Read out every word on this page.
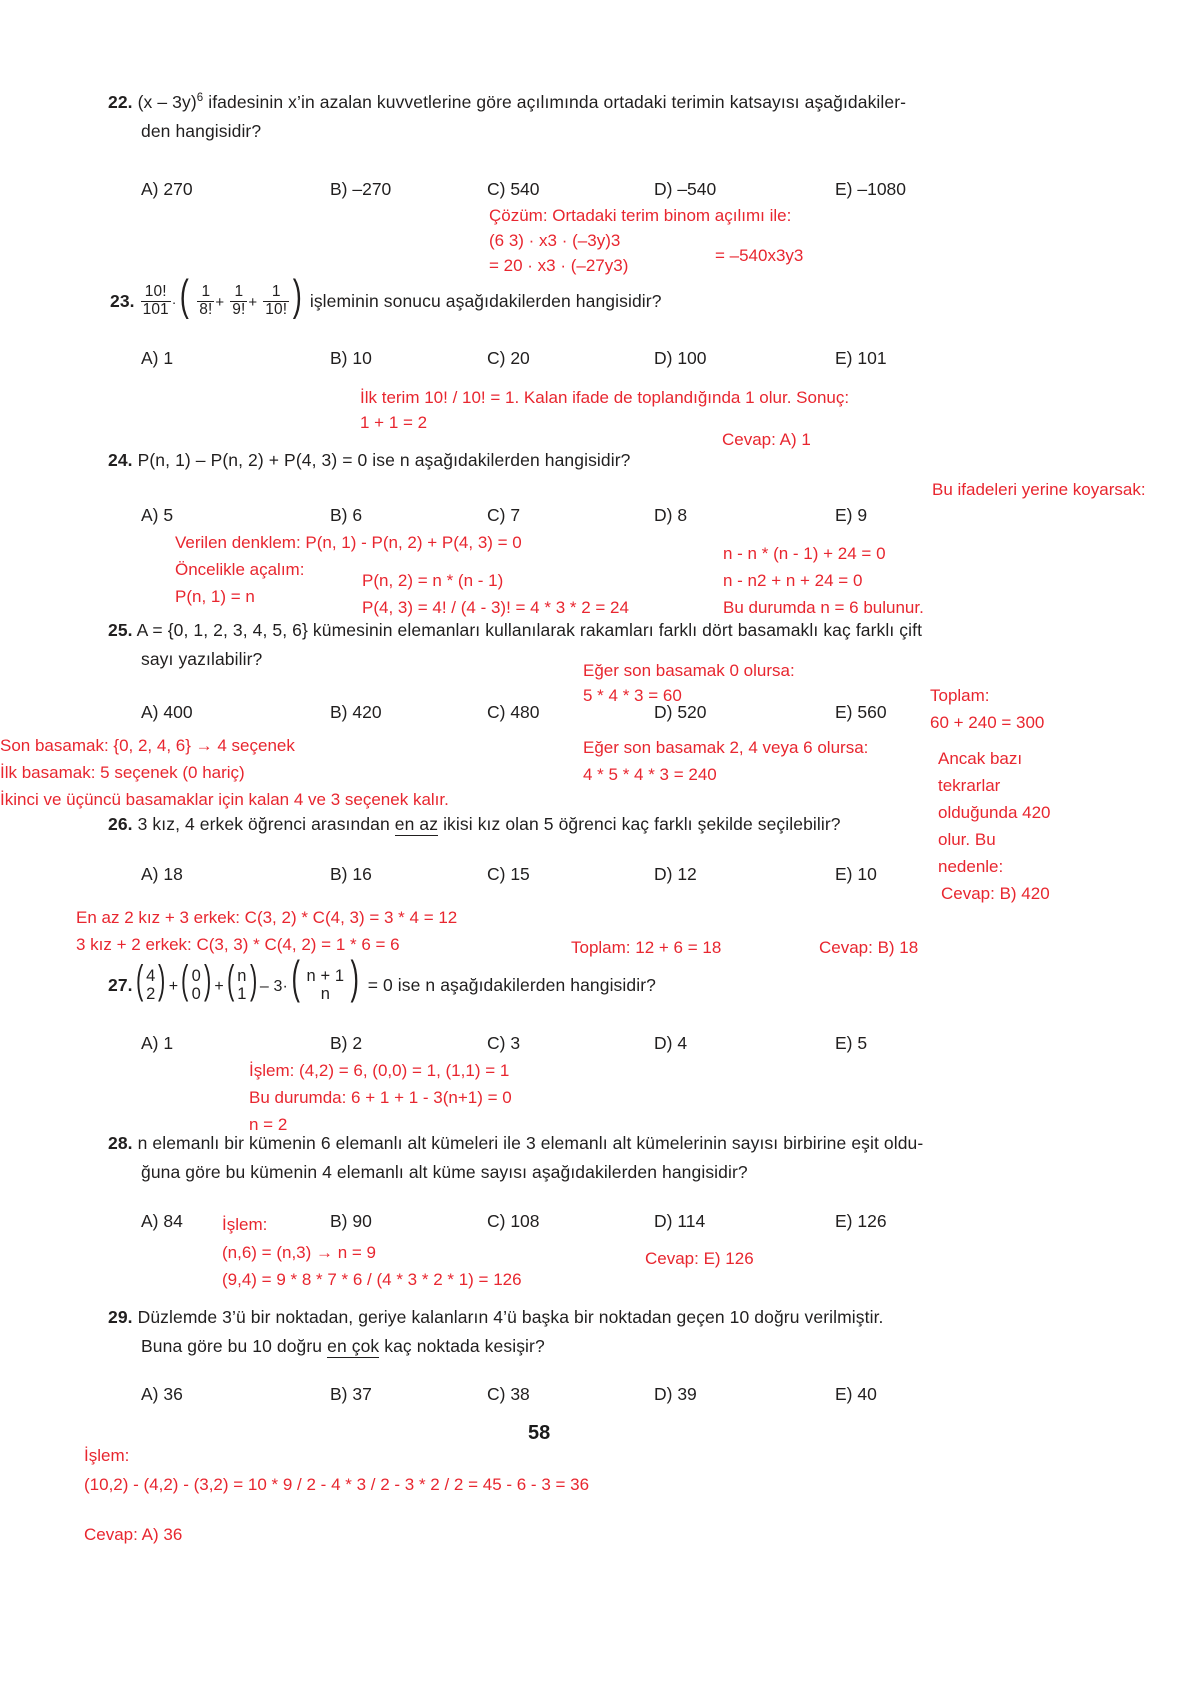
22. (x – 3y)$^6$ ifadesinin x’in azalan kuvvetlerine göre açılımında ortadaki terimin katsayısı aşağıdakiler-
den hangisidir?
A) 270	B) –270	C) 540	D) –540	E) –1080
Çözüm: Ortadaki terim binom açılımı ile:
(6 3) · x3 · (–3y)3
= 20 · x3 · (–27y3)
= –540x3y3
23. $\frac{10!}{101}$ ·( $\frac{1}{8!} + \frac{1}{9!} + \frac{1}{10!}$ ) işleminin sonucu aşağıdakilerden hangisidir?
A) 1	B) 10	C) 20	D) 100	E) 101
İlk terim 10! / 10! = 1. Kalan ifade de toplandığında 1 olur. Sonuç:
1 + 1 = 2
Cevap: A) 1
24. P(n, 1) – P(n, 2) + P(4, 3) = 0 ise n aşağıdakilerden hangisidir?
A) 5	B) 6	C) 7	D) 8	E) 9
Bu ifadeleri yerine koyarsak:
Verilen denklem: P(n, 1) - P(n, 2) + P(4, 3) = 0
Öncelikle açalım:
P(n, 1) = n
P(n, 2) = n * (n - 1)
P(4, 3) = 4! / (4 - 3)! = 4 * 3 * 2 = 24
n - n * (n - 1) + 24 = 0
n - n2 + n + 24 = 0
Bu durumda n = 6 bulunur.
25. A = {0, 1, 2, 3, 4, 5, 6} kümesinin elemanları kullanılarak rakamları farklı dört basamaklı kaç farklı çift
sayı yazılabilir?
Eğer son basamak 0 olursa:
5 * 4 * 3 = 60
A) 400	B) 420	C) 480	D) 520	E) 560
Toplam:
60 + 240 = 300
Son basamak: {0, 2, 4, 6} → 4 seçenek
İlk basamak: 5 seçenek (0 hariç)
İkinci ve üçüncü basamaklar için kalan 4 ve 3 seçenek kalır.
Eğer son basamak 2, 4 veya 6 olursa:
4 * 5 * 4 * 3 = 240
Ancak bazı
tekrarlar
olduğunda 420
olur. Bu
nedenle:
Cevap: B) 420
26. 3 kız, 4 erkek öğrenci arasından en az ikisi kız olan 5 öğrenci kaç farklı şekilde seçilebilir?
A) 18	B) 16	C) 15	D) 12	E) 10
En az 2 kız + 3 erkek: C(3, 2) * C(4, 3) = 3 * 4 = 12
3 kız + 2 erkek: C(3, 3) * C(4, 2) = 1 * 6 = 6	Toplam: 12 + 6 = 18	Cevap: B) 18
27.( 4
2 ) +( 0
0 ) +( n
1 ) – 3·( n + 1
n ) = 0 ise n aşağıdakilerden hangisidir?
A) 1	B) 2	C) 3	D) 4	E) 5
İşlem: (4,2) = 6, (0,0) = 1, (1,1) = 1
Bu durumda: 6 + 1 + 1 - 3(n+1) = 0
n = 2
28. n elemanlı bir kümenin 6 elemanlı alt kümeleri ile 3 elemanlı alt kümelerinin sayısı birbirine eşit oldu-
ğuna göre bu kümenin 4 elemanlı alt küme sayısı aşağıdakilerden hangisidir?
A) 84	B) 90	C) 108	D) 114	E) 126
İşlem:
(n,6) = (n,3) → n = 9
(9,4) = 9 * 8 * 7 * 6 / (4 * 3 * 2 * 1) = 126
Cevap: E) 126
29. Düzlemde 3’ü bir noktadan, geriye kalanların 4’ü başka bir noktadan geçen 10 doğru verilmiştir.
Buna göre bu 10 doğru en çok kaç noktada kesişir?
A) 36	B) 37	C) 38	D) 39	E) 40
58
İşlem:
(10,2) - (4,2) - (3,2) = 10 * 9 / 2 - 4 * 3 / 2 - 3 * 2 / 2 = 45 - 6 - 3 = 36
Cevap: A) 36
